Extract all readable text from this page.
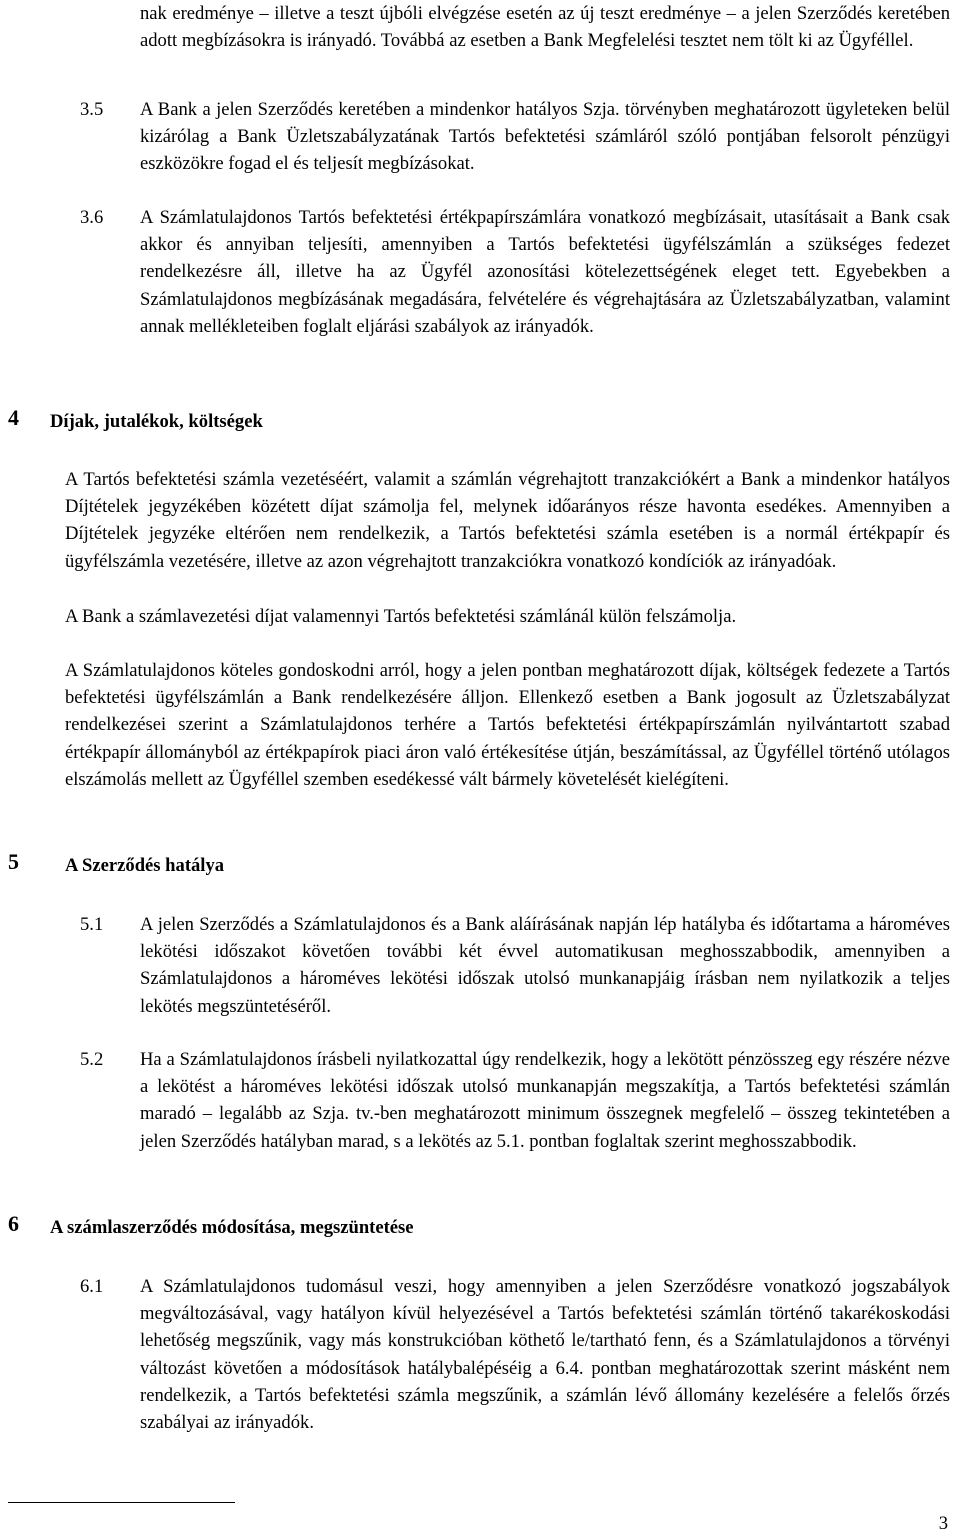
nak eredménye – illetve a teszt újbóli elvégzése esetén az új teszt eredménye – a jelen Szerződés keretében adott megbízásokra is irányadó. Továbbá az esetben a Bank Megfelelési tesztet nem tölt ki az Ügyféllel.

3.5 A Bank a jelen Szerződés keretében a mindenkor hatályos Szja. törvényben meghatározott ügyleteken belül kizárólag a Bank Üzletszabályzatának Tartós befektetési számláról szóló pontjában felsorolt pénzügyi eszközökre fogad el és teljesít megbízásokat.

3.6 A Számlatulajdonos Tartós befektetési értékpapírszámlára vonatkozó megbízásait, utasításait a Bank csak akkor és annyiban teljesíti, amennyiben a Tartós befektetési ügyfélszámlán a szükséges fedezet rendelkezésre áll, illetve ha az Ügyfél azonosítási kötelezettségének eleget tett. Egyebekben a Számlatulajdonos megbízásának megadására, felvételére és végrehajtására az Üzletszabályzatban, valamint annak mellékleteiben foglalt eljárási szabályok az irányadók.

4 Díjak, jutalékok, költségek

A Tartós befektetési számla vezetéséért, valamit a számlán végrehajtott tranzakciókért a Bank a mindenkor hatályos Díjtételek jegyzékében közétett díjat számolja fel, melynek időarányos része havonta esedékes. Amennyiben a Díjtételek jegyzéke eltérően nem rendelkezik, a Tartós befektetési számla esetében is a normál értékpapír és ügyfélszámla vezetésére, illetve az azon végrehajtott tranzakciókra vonatkozó kondíciók az irányadóak.

A Bank a számlavezetési díjat valamennyi Tartós befektetési számlánál külön felszámolja.

A Számlatulajdonos köteles gondoskodni arról, hogy a jelen pontban meghatározott díjak, költségek fedezete a Tartós befektetési ügyfélszámlán a Bank rendelkezésére álljon. Ellenkező esetben a Bank jogosult az Üzletszabályzat rendelkezései szerint a Számlatulajdonos terhére a Tartós befektetési értékpapírszámlán nyilvántartott szabad értékpapír állományból az értékpapírok piaci áron való értékesítése útján, beszámítással, az Ügyféllel történő utólagos elszámolás mellett az Ügyféllel szemben esedékessé vált bármely követelését kielégíteni.

5 A Szerződés hatálya

5.1 A jelen Szerződés a Számlatulajdonos és a Bank aláírásának napján lép hatályba és időtartama a hároméves lekötési időszakot követően további két évvel automatikusan meghosszabbodik, amennyiben a Számlatulajdonos a hároméves lekötési időszak utolsó munkanapjáig írásban nem nyilatkozik a teljes lekötés megszüntetéséről.

5.2 Ha a Számlatulajdonos írásbeli nyilatkozattal úgy rendelkezik, hogy a lekötött pénzösszeg egy részére nézve a lekötést a hároméves lekötési időszak utolsó munkanapján megszakítja, a Tartós befektetési számlán maradó – legalább az Szja. tv.-ben meghatározott minimum összegnek megfelelő – összeg tekintetében a jelen Szerződés hatályban marad, s a lekötés az 5.1. pontban foglaltak szerint meghosszabbodik.

6 A számlaszerződés módosítása, megszüntetése

6.1 A Számlatulajdonos tudomásul veszi, hogy amennyiben a jelen Szerződésre vonatkozó jogszabályok megváltozásával, vagy hatályon kívül helyezésével a Tartós befektetési számlán történő takarékoskodási lehetőség megszűnik, vagy más konstrukcióban köthető le/tartható fenn, és a Számlatulajdonos a törvényi változást követően a módosítások hatálybalépéséig a 6.4. pontban meghatározottak szerint másként nem rendelkezik, a Tartós befektetési számla megszűnik, a számlán lévő állomány kezelésére a felelős őrzés szabályai az irányadók.

3
